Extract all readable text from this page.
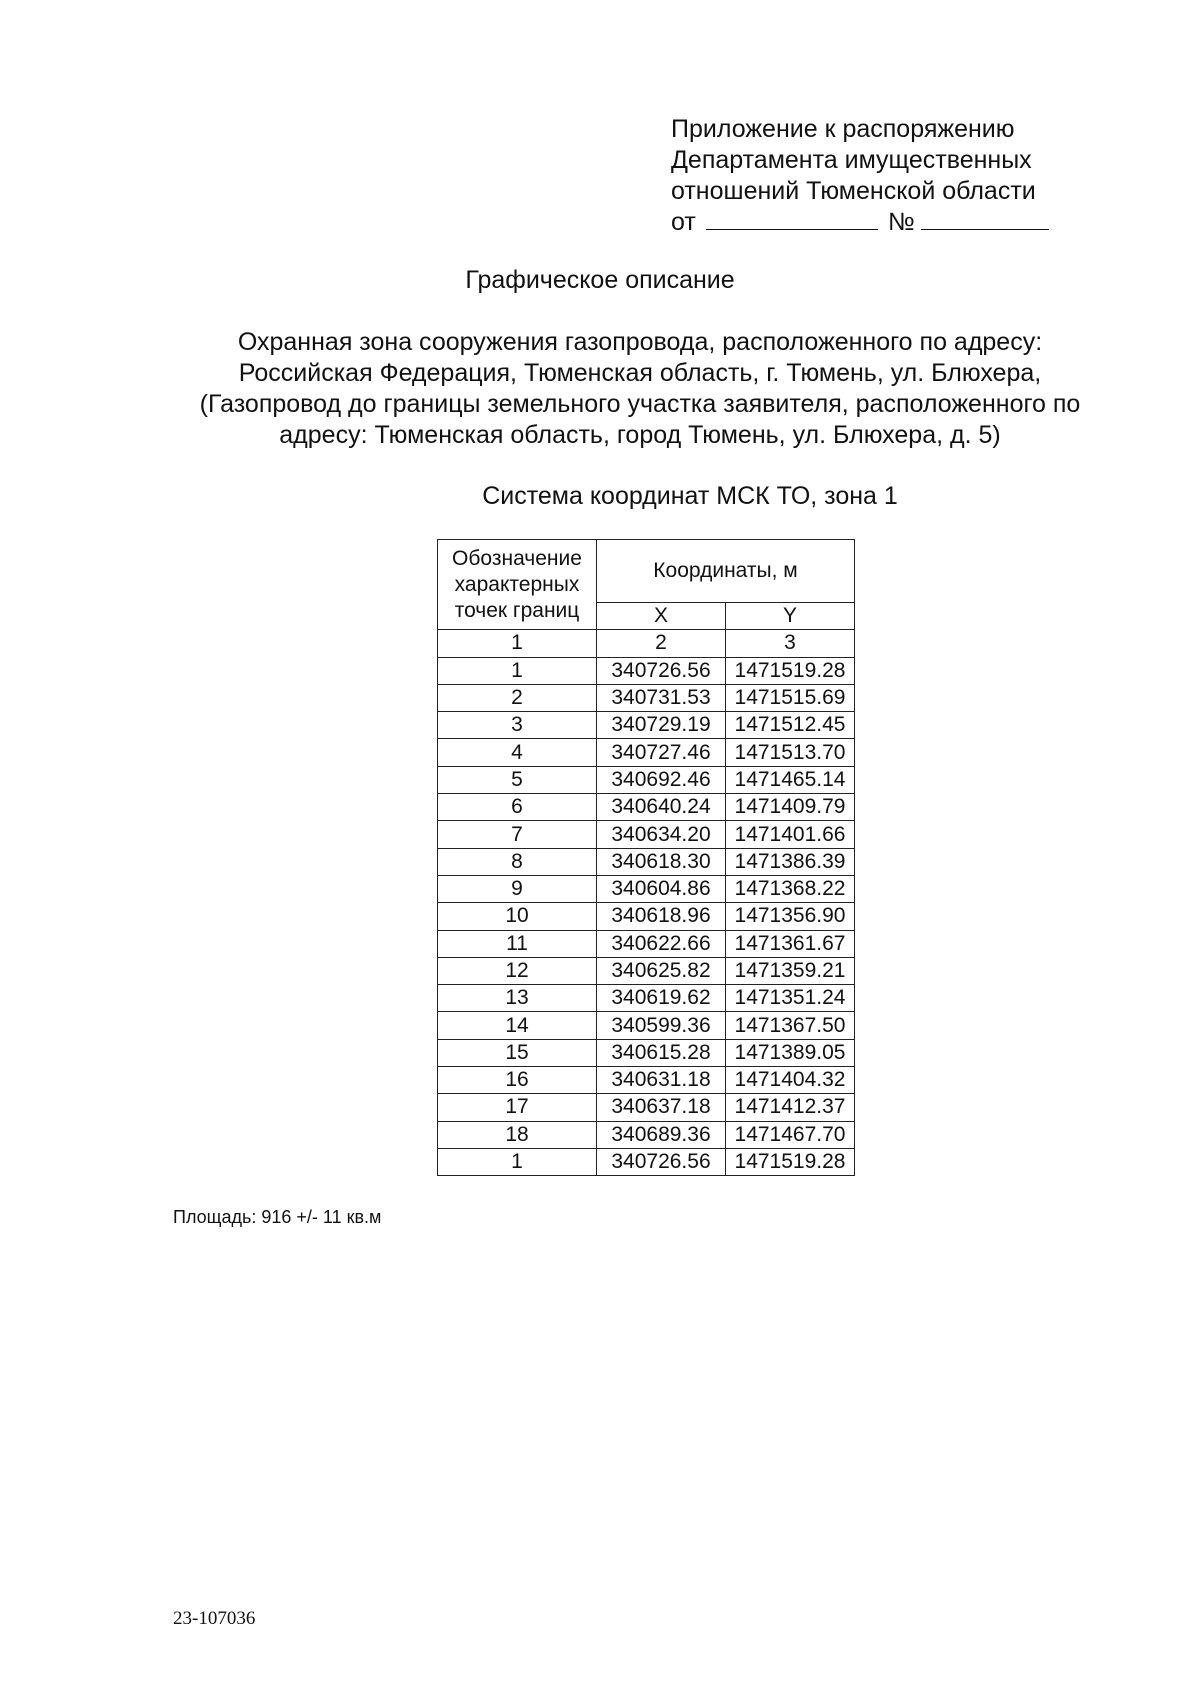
Приложение к распоряжению
Департамента имущественных
отношений Тюменской области
от	№
Графическое описание
Охранная зона сооружения газопровода, расположенного по адресу:
Российская Федерация, Тюменская область, г. Тюмень, ул. Блюхера,
(Газопровод до границы земельного участка заявителя, расположенного по
адресу: Тюменская область, город Тюмень, ул. Блюхера, д. 5)
Система координат МСК ТО, зона 1
Обозначение характерных точек границ	Координаты, м	
	X	Y
1	2	3
1	340726.56	1471519.28
2	340731.53	1471515.69
3	340729.19	1471512.45
4	340727.46	1471513.70
5	340692.46	1471465.14
6	340640.24	1471409.79
7	340634.20	1471401.66
8	340618.30	1471386.39
9	340604.86	1471368.22
10	340618.96	1471356.90
11	340622.66	1471361.67
12	340625.82	1471359.21
13	340619.62	1471351.24
14	340599.36	1471367.50
15	340615.28	1471389.05
16	340631.18	1471404.32
17	340637.18	1471412.37
18	340689.36	1471467.70
1	340726.56	1471519.28
Площадь: 916 +/- 11 кв.м
23-107036
